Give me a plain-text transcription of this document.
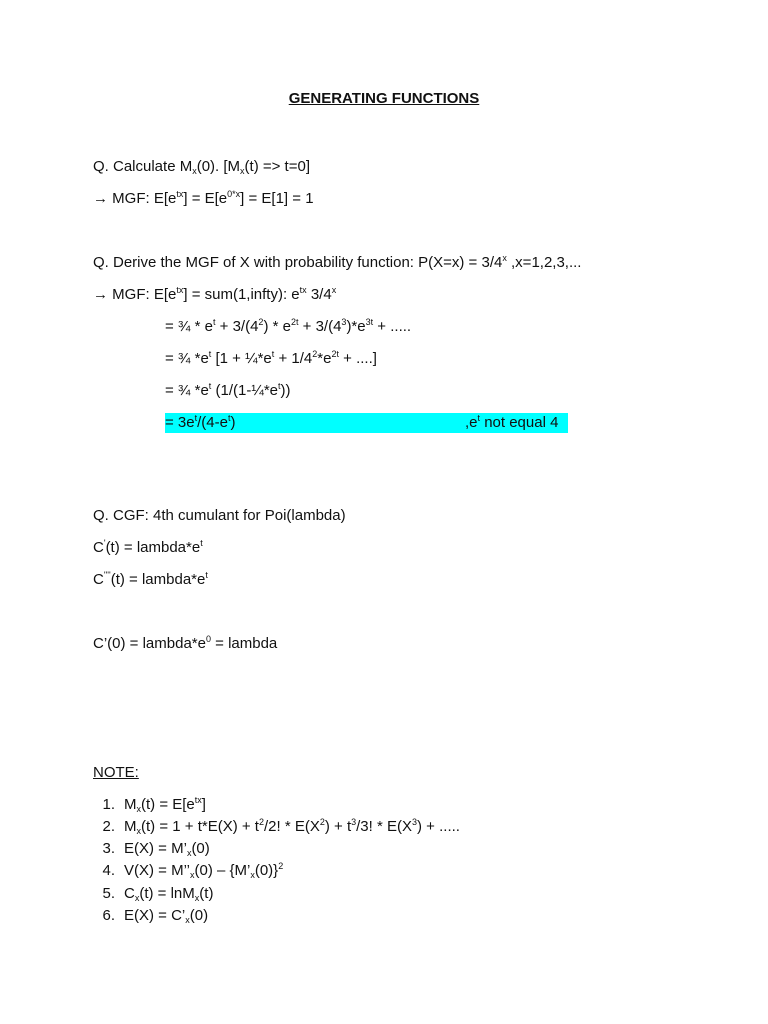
GENERATING FUNCTIONS
Q. Calculate $M_x(0)$. $[M_x(t) => t=0]$
→ MGF: $E[e^{tx}] = E[e^{0*x}] = E[1] = 1$
Q. Derive the MGF of X with probability function: $P(X=x) = 3/4^x$ ,x=1,2,3,...
→ MGF: $E[e^{tx}]$ = sum(1,infty): $e^{tx}$ $3/4^x$
= ¾ * $e^t + 3/(4^2) * e^{2t} + 3/(4^3)*e^{3t}$ + .....
= ¾ $*e^t$ [$1 + \frac{1}{4}*e^t + 1/4^2*e^{2t}$ + ....]
= ¾ $*e^t$ $(1/(1-\frac{1}{4}*e^t))$
= $3e^t/(4-e^t)$	$,e^t$ not equal 4
Q. CGF: 4th cumulant for Poi(lambda)
$C'(t) = lambda*e^t$
$C''''(t) = lambda*e^t$
C’(0) = $lambda*e^0$ = lambda
NOTE:
1. $M_x(t) = E[e^{tx}]$
2. $M_x(t) = 1 + t*E(X) + t^2/2$! * $E(X^2) + t^3/3$! * $E(X^3)$ + .....
3. $E(X) = M’_x(0)$
4. $V(X) = M’’_x(0)$ – $\{M’_x(0)\}^2$
5. $C_x(t) = \ln M_x(t)$
6. $E(X) = C’_x(0)$
